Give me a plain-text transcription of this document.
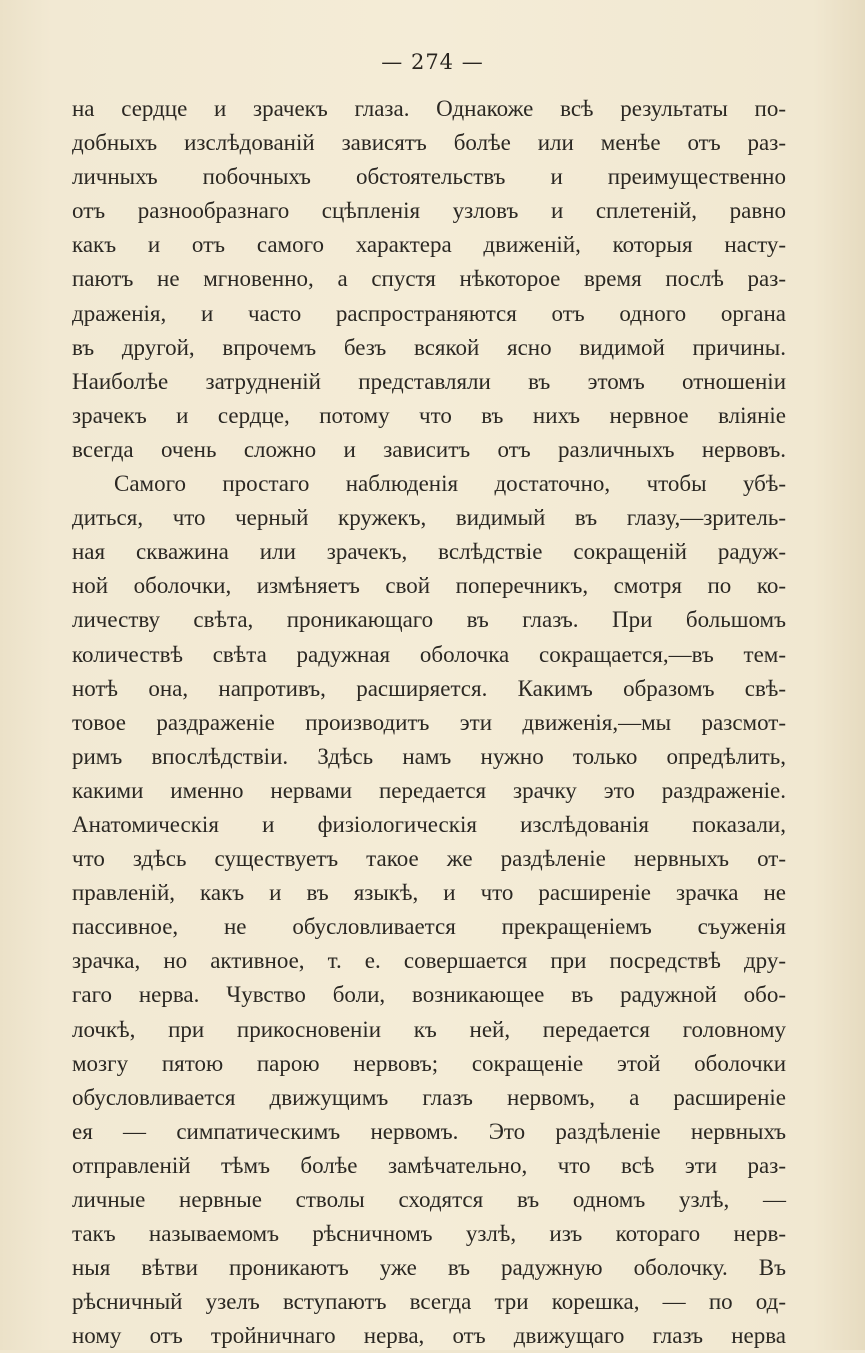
— 274 —
на сердце и зрачекъ глаза. Однакоже всѣ результаты по-
добныхъ изслѣдованій зависятъ болѣе или менѣе отъ раз-
личныхъ побочныхъ обстоятельствъ и преимущественно
отъ разнообразнаго сцѣпленія узловъ и сплетеній, равно
какъ и отъ самого характера движеній, которыя насту-
паютъ не мгновенно, а спустя нѣкоторое время послѣ раз-
драженія, и часто распространяются отъ одного органа
въ другой, впрочемъ безъ всякой ясно видимой причины.
Наиболѣе затрудненій представляли въ этомъ отношеніи
зрачекъ и сердце, потому что въ нихъ нервное вліяніе
всегда очень сложно и зависитъ отъ различныхъ нервовъ.
Самого простаго наблюденія достаточно, чтобы убѣ-
диться, что черный кружекъ, видимый въ глазу,—зритель-
ная скважина или зрачекъ, вслѣдствіе сокращеній радуж-
ной оболочки, измѣняетъ свой поперечникъ, смотря по ко-
личеству свѣта, проникающаго въ глазъ. При большомъ
количествѣ свѣта радужная оболочка сокращается,—въ тем-
нотѣ она, напротивъ, расширяется. Какимъ образомъ свѣ-
товое раздраженіе производитъ эти движенія,—мы разсмот-
римъ впослѣдствіи. Здѣсь намъ нужно только опредѣлить,
какими именно нервами передается зрачку это раздраженіе.
Анатомическія и физіологическія изслѣдованія показали,
что здѣсь существуетъ такое же раздѣленіе нервныхъ от-
правленій, какъ и въ языкѣ, и что расширеніе зрачка не
пассивное, не обусловливается прекращеніемъ съуженія
зрачка, но активное, т. е. совершается при посредствѣ дру-
гаго нерва. Чувство боли, возникающее въ радужной обо-
лочкѣ, при прикосновеніи къ ней, передается головному
мозгу пятою парою нервовъ; сокращеніе этой оболочки
обусловливается движущимъ глазъ нервомъ, а расширеніе
ея — симпатическимъ нервомъ. Это раздѣленіе нервныхъ
отправленій тѣмъ болѣе замѣчательно, что всѣ эти раз-
личные нервные стволы сходятся въ одномъ узлѣ, —
такъ называемомъ рѣсничномъ узлѣ, изъ котораго нерв-
ныя вѣтви проникаютъ уже въ радужную оболочку. Въ
рѣсничный узелъ вступаютъ всегда три корешка, — по од-
ному отъ тройничнаго нерва, отъ движущаго глазъ нерва
